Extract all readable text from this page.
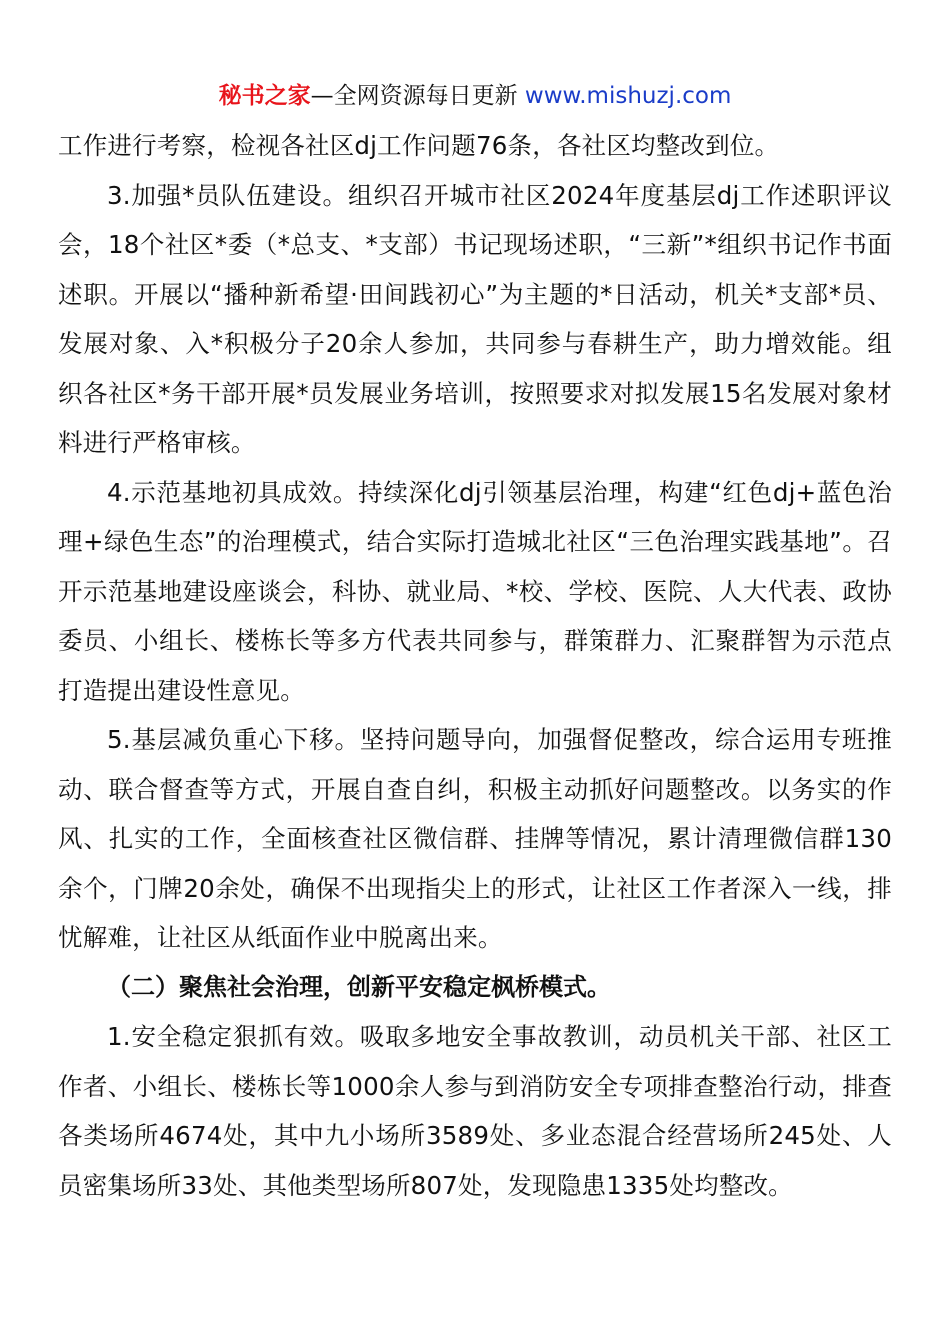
秘书之家—全网资源每日更新 www.mishuzj.com

工作进行考察，检视各社区dj工作问题76条，各社区均整改到位。

3.加强*员队伍建设。组织召开城市社区2024年度基层dj工作述职评议会，18个社区*委（*总支、*支部）书记现场述职，“三新”*组织书记作书面述职。开展以“播种新希望·田间践初心”为主题的*日活动，机关*支部*员、发展对象、入*积极分子20余人参加，共同参与春耕生产，助力增效能。组织各社区*务干部开展*员发展业务培训，按照要求对拟发展15名发展对象材料进行严格审核。

4.示范基地初具成效。持续深化dj引领基层治理，构建“红色dj+蓝色治理+绿色生态”的治理模式，结合实际打造城北社区“三色治理实践基地”。召开示范基地建设座谈会，科协、就业局、*校、学校、医院、人大代表、政协委员、小组长、楼栋长等多方代表共同参与，群策群力、汇聚群智为示范点打造提出建设性意见。

5.基层减负重心下移。坚持问题导向，加强督促整改，综合运用专班推动、联合督查等方式，开展自查自纠，积极主动抓好问题整改。以务实的作风、扎实的工作，全面核查社区微信群、挂牌等情况，累计清理微信群130余个，门牌20余处，确保不出现指尖上的形式，让社区工作者深入一线，排忧解难，让社区从纸面作业中脱离出来。

（二）聚焦社会治理，创新平安稳定枫桥模式。

1.安全稳定狠抓有效。吸取多地安全事故教训，动员机关干部、社区工作者、小组长、楼栋长等1000余人参与到消防安全专项排查整治行动，排查各类场所4674处，其中九小场所3589处、多业态混合经营场所245处、人员密集场所33处、其他类型场所807处，发现隐患1335处均整改。
